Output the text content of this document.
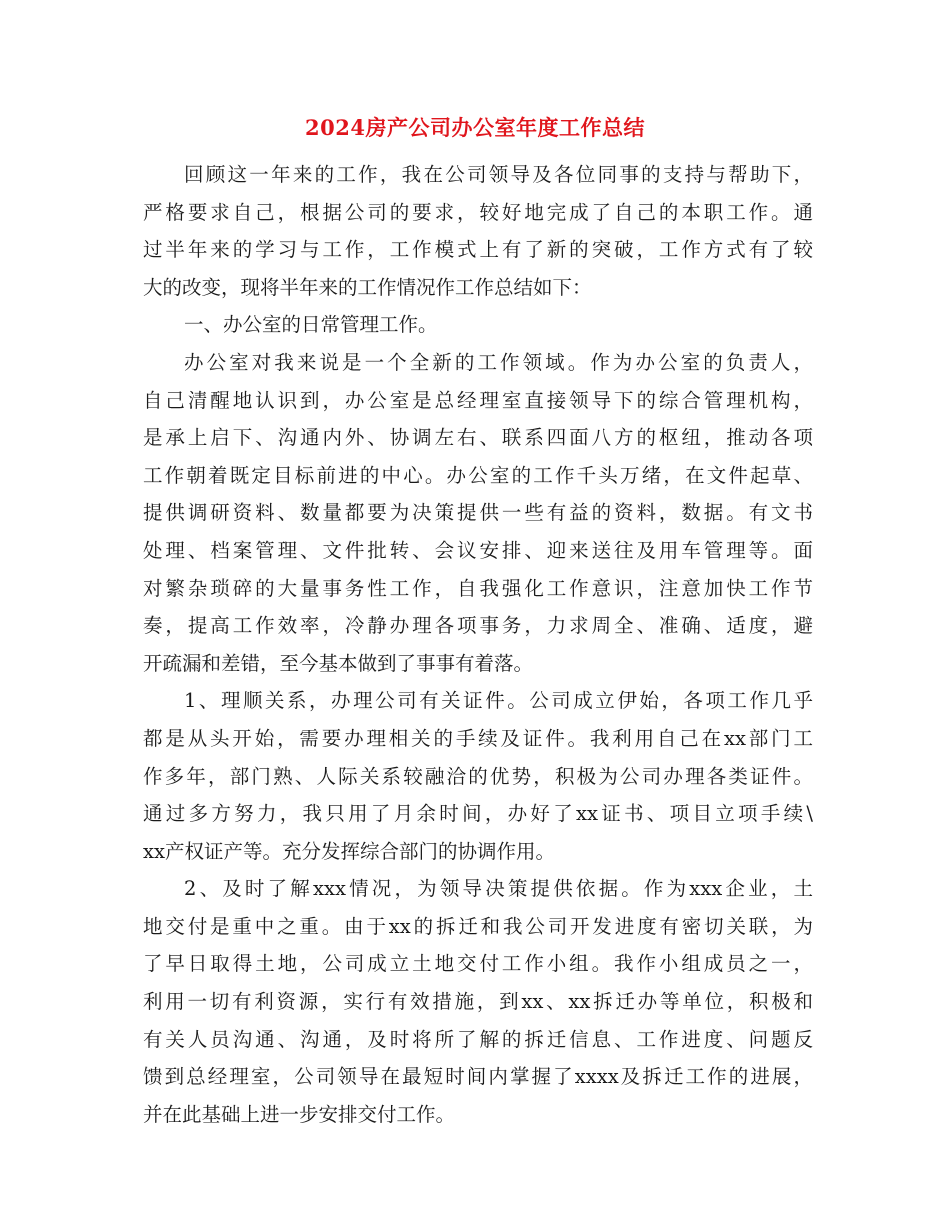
2024房产公司办公室年度工作总结
回顾这一年来的工作，我在公司领导及各位同事的支持与帮助下，
严格要求自己，根据公司的要求，较好地完成了自己的本职工作。通
过半年来的学习与工作，工作模式上有了新的突破，工作方式有了较
大的改变，现将半年来的工作情况作工作总结如下：
一、办公室的日常管理工作。
办公室对我来说是一个全新的工作领域。作为办公室的负责人，
自己清醒地认识到，办公室是总经理室直接领导下的综合管理机构，
是承上启下、沟通内外、协调左右、联系四面八方的枢纽，推动各项
工作朝着既定目标前进的中心。办公室的工作千头万绪，在文件起草、
提供调研资料、数量都要为决策提供一些有益的资料，数据。有文书
处理、档案管理、文件批转、会议安排、迎来送往及用车管理等。面
对繁杂琐碎的大量事务性工作，自我强化工作意识，注意加快工作节
奏，提高工作效率，冷静办理各项事务，力求周全、准确、适度，避
开疏漏和差错，至今基本做到了事事有着落。
1、理顺关系，办理公司有关证件。公司成立伊始，各项工作几乎
都是从头开始，需要办理相关的手续及证件。我利用自己在xx部门工
作多年，部门熟、人际关系较融洽的优势，积极为公司办理各类证件。
通过多方努力，我只用了月余时间，办好了xx证书、项目立项手续\
xx产权证产等。充分发挥综合部门的协调作用。
2、及时了解xxx情况，为领导决策提供依据。作为xxx企业，土
地交付是重中之重。由于xx的拆迁和我公司开发进度有密切关联，为
了早日取得土地，公司成立土地交付工作小组。我作小组成员之一，
利用一切有利资源，实行有效措施，到xx、xx拆迁办等单位，积极和
有关人员沟通、沟通，及时将所了解的拆迁信息、工作进度、问题反
馈到总经理室，公司领导在最短时间内掌握了xxxx及拆迁工作的进展，
并在此基础上进一步安排交付工作。
